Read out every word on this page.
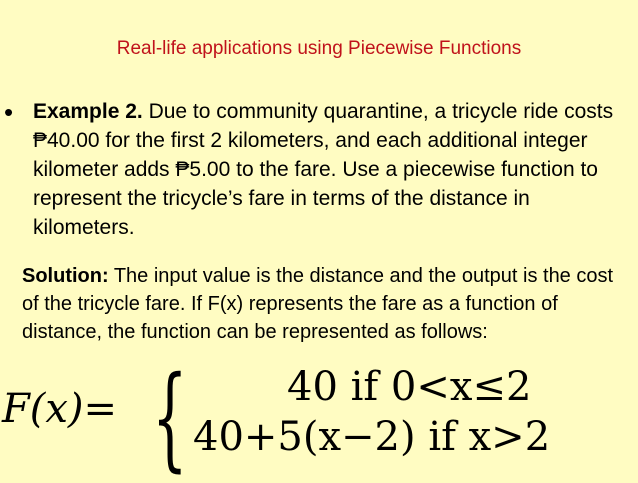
Real-life applications using Piecewise Functions
• Example 2. Due to community quarantine, a tricycle ride costs ₱40.00 for the first 2 kilometers, and each additional integer kilometer adds ₱5.00 to the fare. Use a piecewise function to represent the tricycle’s fare in terms of the distance in kilometers.
Solution: The input value is the distance and the output is the cost of the tricycle fare. If F(x) represents the fare as a function of distance, the function can be represented as follows:
F(x)= { 40 if 0<x≤2
40+5(x−2) if x>2
